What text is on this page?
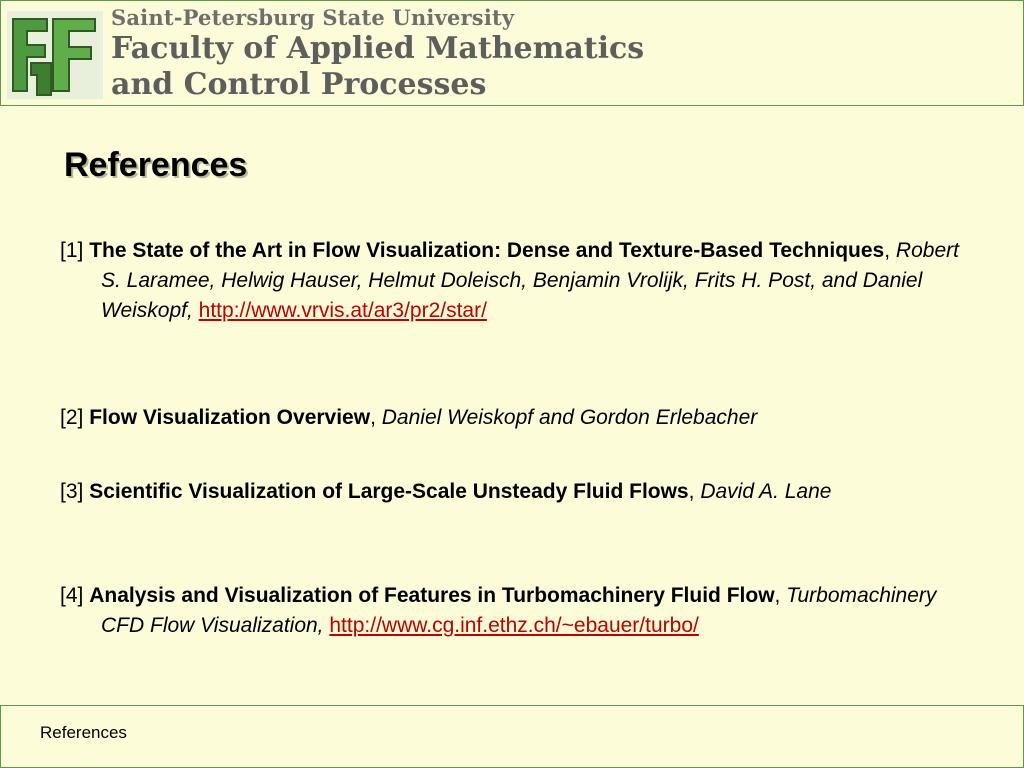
Saint-Petersburg State University
Faculty of Applied Mathematics
and Control Processes
References
[1] The State of the Art in Flow Visualization: Dense and Texture-Based Techniques, Robert S. Laramee, Helwig Hauser, Helmut Doleisch, Benjamin Vrolijk, Frits H. Post, and Daniel Weiskopf, http://www.vrvis.at/ar3/pr2/star/
[2] Flow Visualization Overview, Daniel Weiskopf and Gordon Erlebacher
[3] Scientific Visualization of Large-Scale Unsteady Fluid Flows, David A. Lane
[4] Analysis and Visualization of Features in Turbomachinery Fluid Flow, Turbomachinery CFD Flow Visualization, http://www.cg.inf.ethz.ch/~ebauer/turbo/
References
